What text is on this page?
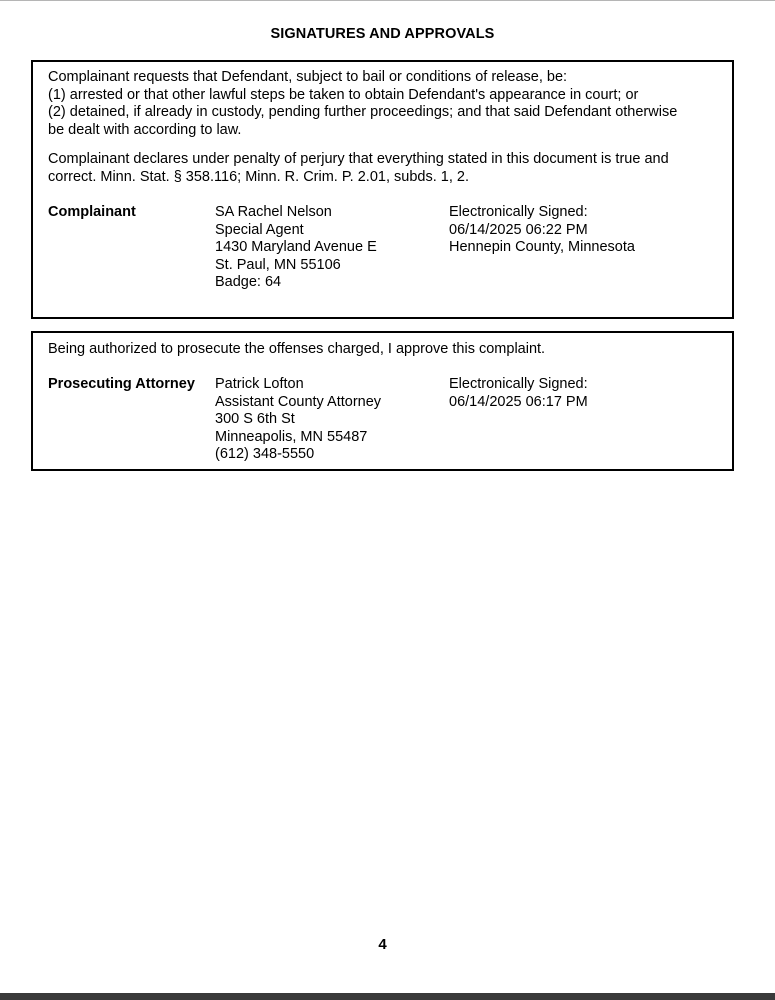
SIGNATURES AND APPROVALS

Complainant requests that Defendant, subject to bail or conditions of release, be:
(1) arrested or that other lawful steps be taken to obtain Defendant's appearance in court; or
(2) detained, if already in custody, pending further proceedings; and that said Defendant otherwise
be dealt with according to law.

Complainant declares under penalty of perjury that everything stated in this document is true and
correct. Minn. Stat. § 358.116; Minn. R. Crim. P. 2.01, subds. 1, 2.

Complainant	SA Rachel Nelson
Special Agent
1430 Maryland Avenue E
St. Paul, MN 55106
Badge: 64
Electronically Signed:
06/14/2025 06:22 PM
Hennepin County, Minnesota

Being authorized to prosecute the offenses charged, I approve this complaint.

Prosecuting Attorney Patrick Lofton
Assistant County Attorney
300 S 6th St
Minneapolis, MN 55487
(612) 348-5550
Electronically Signed:
06/14/2025 06:17 PM
4
